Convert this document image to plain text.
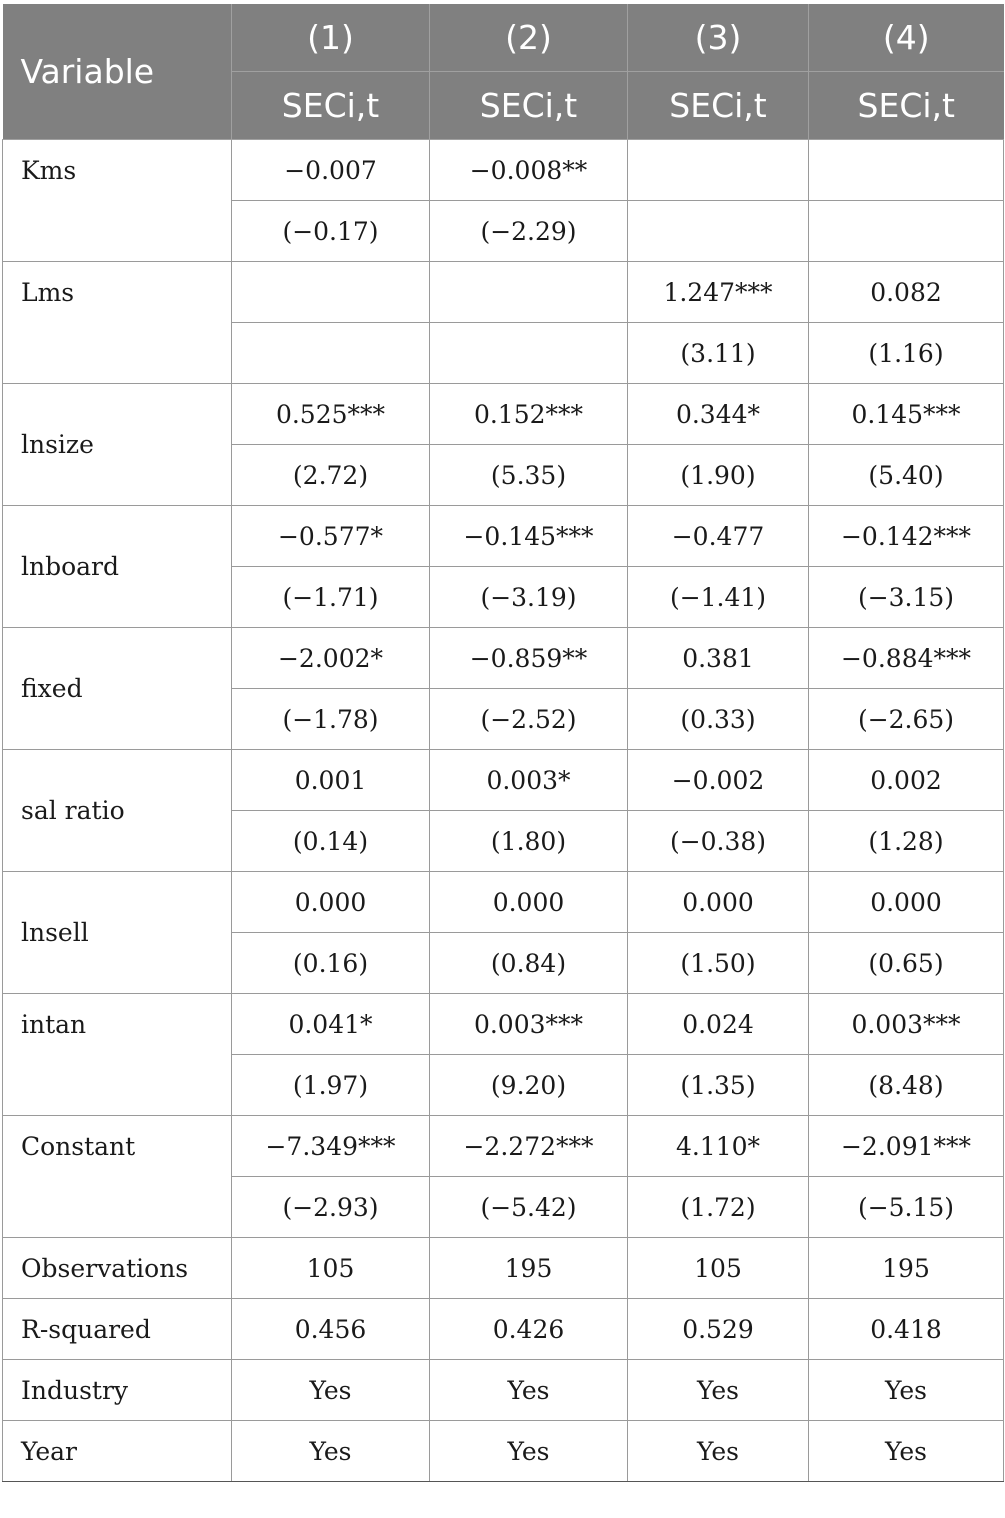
Variable	(1)	(2)	(3)	(4)
	SECi,t	SECi,t	SECi,t	SECi,t
Kms	−0.007	−0.008**		
	(−0.17)	(−2.29)		
Lms			1.247***	0.082
			(3.11)	(1.16)
lnsize	0.525***	0.152***	0.344*	0.145***
	(2.72)	(5.35)	(1.90)	(5.40)
lnboard	−0.577*	−0.145***	−0.477	−0.142***
	(−1.71)	(−3.19)	(−1.41)	(−3.15)
fixed	−2.002*	−0.859**	0.381	−0.884***
	(−1.78)	(−2.52)	(0.33)	(−2.65)
sal ratio	0.001	0.003*	−0.002	0.002
	(0.14)	(1.80)	(−0.38)	(1.28)
lnsell	0.000	0.000	0.000	0.000
	(0.16)	(0.84)	(1.50)	(0.65)
intan	0.041*	0.003***	0.024	0.003***
	(1.97)	(9.20)	(1.35)	(8.48)
Constant	−7.349***	−2.272***	4.110*	−2.091***
	(−2.93)	(−5.42)	(1.72)	(−5.15)
Observations	105	195	105	195
R-squared	0.456	0.426	0.529	0.418
Industry	Yes	Yes	Yes	Yes
Year	Yes	Yes	Yes	Yes
